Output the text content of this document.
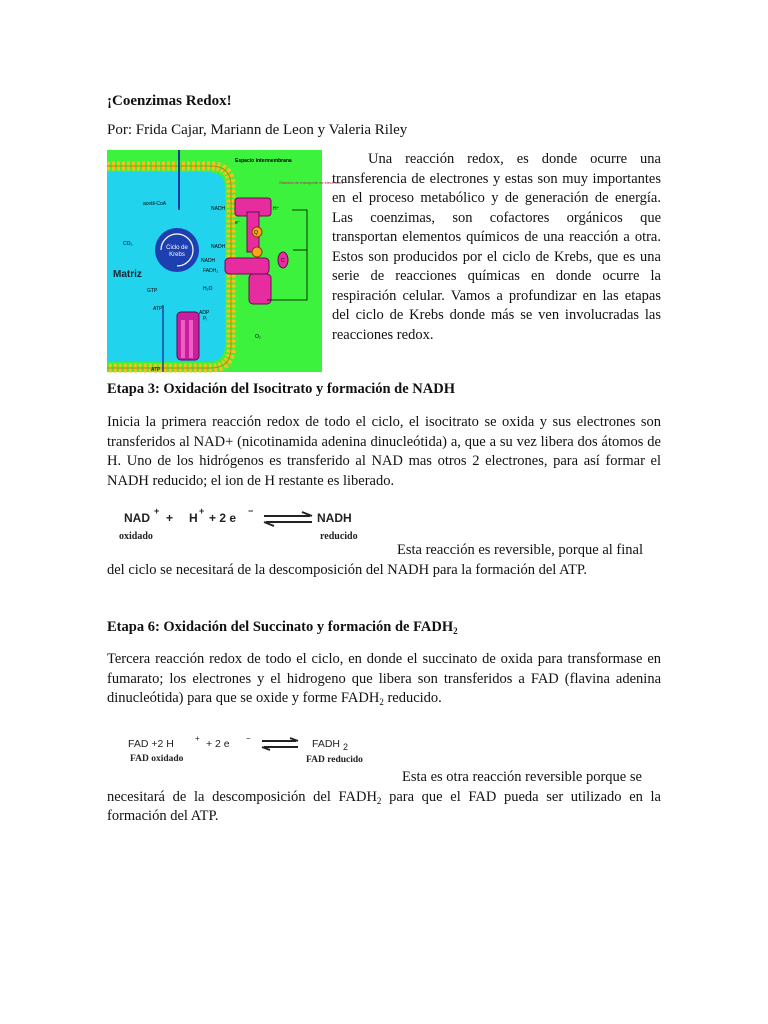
¡Coenzimas Redox!
Por: Frida Cajar, Mariann de Leon y Valeria Riley
Ciclo de
Krebs
Matriz
Espacio intermembrana
Sistema de transporte de electrones
acetil-CoA
CO₂
NADH
NADH
NADH
FADH₂
GTP
ATP
ATP
ADP
Pᵢ
H₂O
O₂
Q
C
H⁺
e⁻
Una reacción redox, es donde ocurre una transferencia de electrones y estas son muy importantes en el proceso metabólico y de generación de energía. Las coenzimas, son cofactores orgánicos que transportan elementos químicos de una reacción a otra. Estos son producidos por el ciclo de Krebs, que es una serie de reacciones químicas en donde ocurre la respiración celular. Vamos a profundizar en las etapas del ciclo de Krebs donde más se ven involucradas las reacciones redox.
Etapa 3: Oxidación del Isocitrato y formación de NADH
Inicia la primera reacción redox de todo el ciclo, el isocitrato se oxida y sus electrones son transferidos al NAD+ (nicotinamida adenina dinucleótida) a, que a su vez libera dos átomos de H. Uno de los hidrógenos es transferido al NAD mas otros 2 electrones, para así formar el NADH reducido; el ion de H restante es liberado.
NAD + + H + + 2 e − ⇌ NADH
oxidado	reducido
Esta reacción es reversible, porque al final
del ciclo se necesitará de la descomposición del NADH para la formación del ATP.
Etapa 6: Oxidación del Succinato y formación de $FADH_2$
Tercera reacción redox de todo el ciclo, en donde el succinato de oxida para transformase en fumarato; los electrones y el hidrogeno que libera son transferidos a FAD (flavina adenina dinucleótida) para que se oxide y forme $FADH_2$ reducido.
FAD +2 H	+ + 2 e − ⇌ FADH 2
FAD oxidado	FAD reducido
Esta es otra reacción reversible porque se
necesitará de la descomposición del $FADH_2$ para que el FAD pueda ser utilizado en la
formación del ATP.
